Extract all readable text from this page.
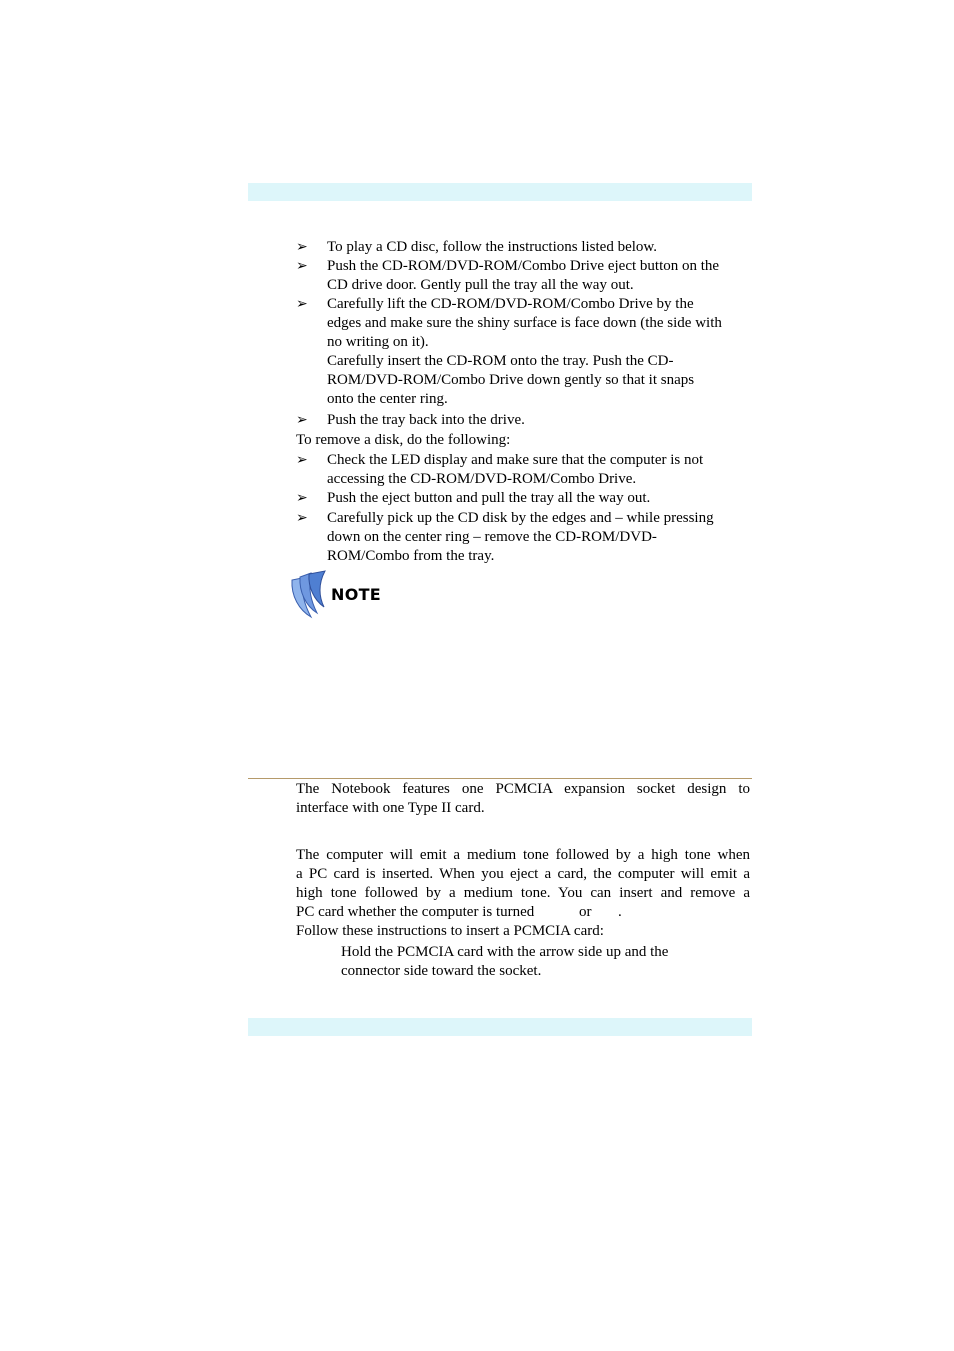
➢ To play a CD disc, follow the instructions listed below.
➢ Push the CD-ROM/DVD-ROM/Combo Drive eject button on the
CD drive door. Gently pull the tray all the way out.
➢ Carefully lift the CD-ROM/DVD-ROM/Combo Drive by the
edges and make sure the shiny surface is face down (the side with
no writing on it).
Carefully insert the CD-ROM onto the tray. Push the CD-
ROM/DVD-ROM/Combo Drive down gently so that it snaps
onto the center ring.
➢ Push the tray back into the drive.
To remove a disk, do the following:
➢ Check the LED display and make sure that the computer is not
accessing the CD-ROM/DVD-ROM/Combo Drive.
➢ Push the eject button and pull the tray all the way out.
➢ Carefully pick up the CD disk by the edges and – while pressing
down on the center ring – remove the CD-ROM/DVD-
ROM/Combo from the tray.
NOTE
The Notebook features one PCMCIA expansion socket design to
interface with one Type II card.
The computer will emit a medium tone followed by a high tone when
a PC card is inserted. When you eject a card, the computer will emit a
high tone followed by a medium tone. You can insert and remove a
PC card whether the computer is turned	or .
Follow these instructions to insert a PCMCIA card:
Hold the PCMCIA card with the arrow side up and the
connector side toward the socket.
